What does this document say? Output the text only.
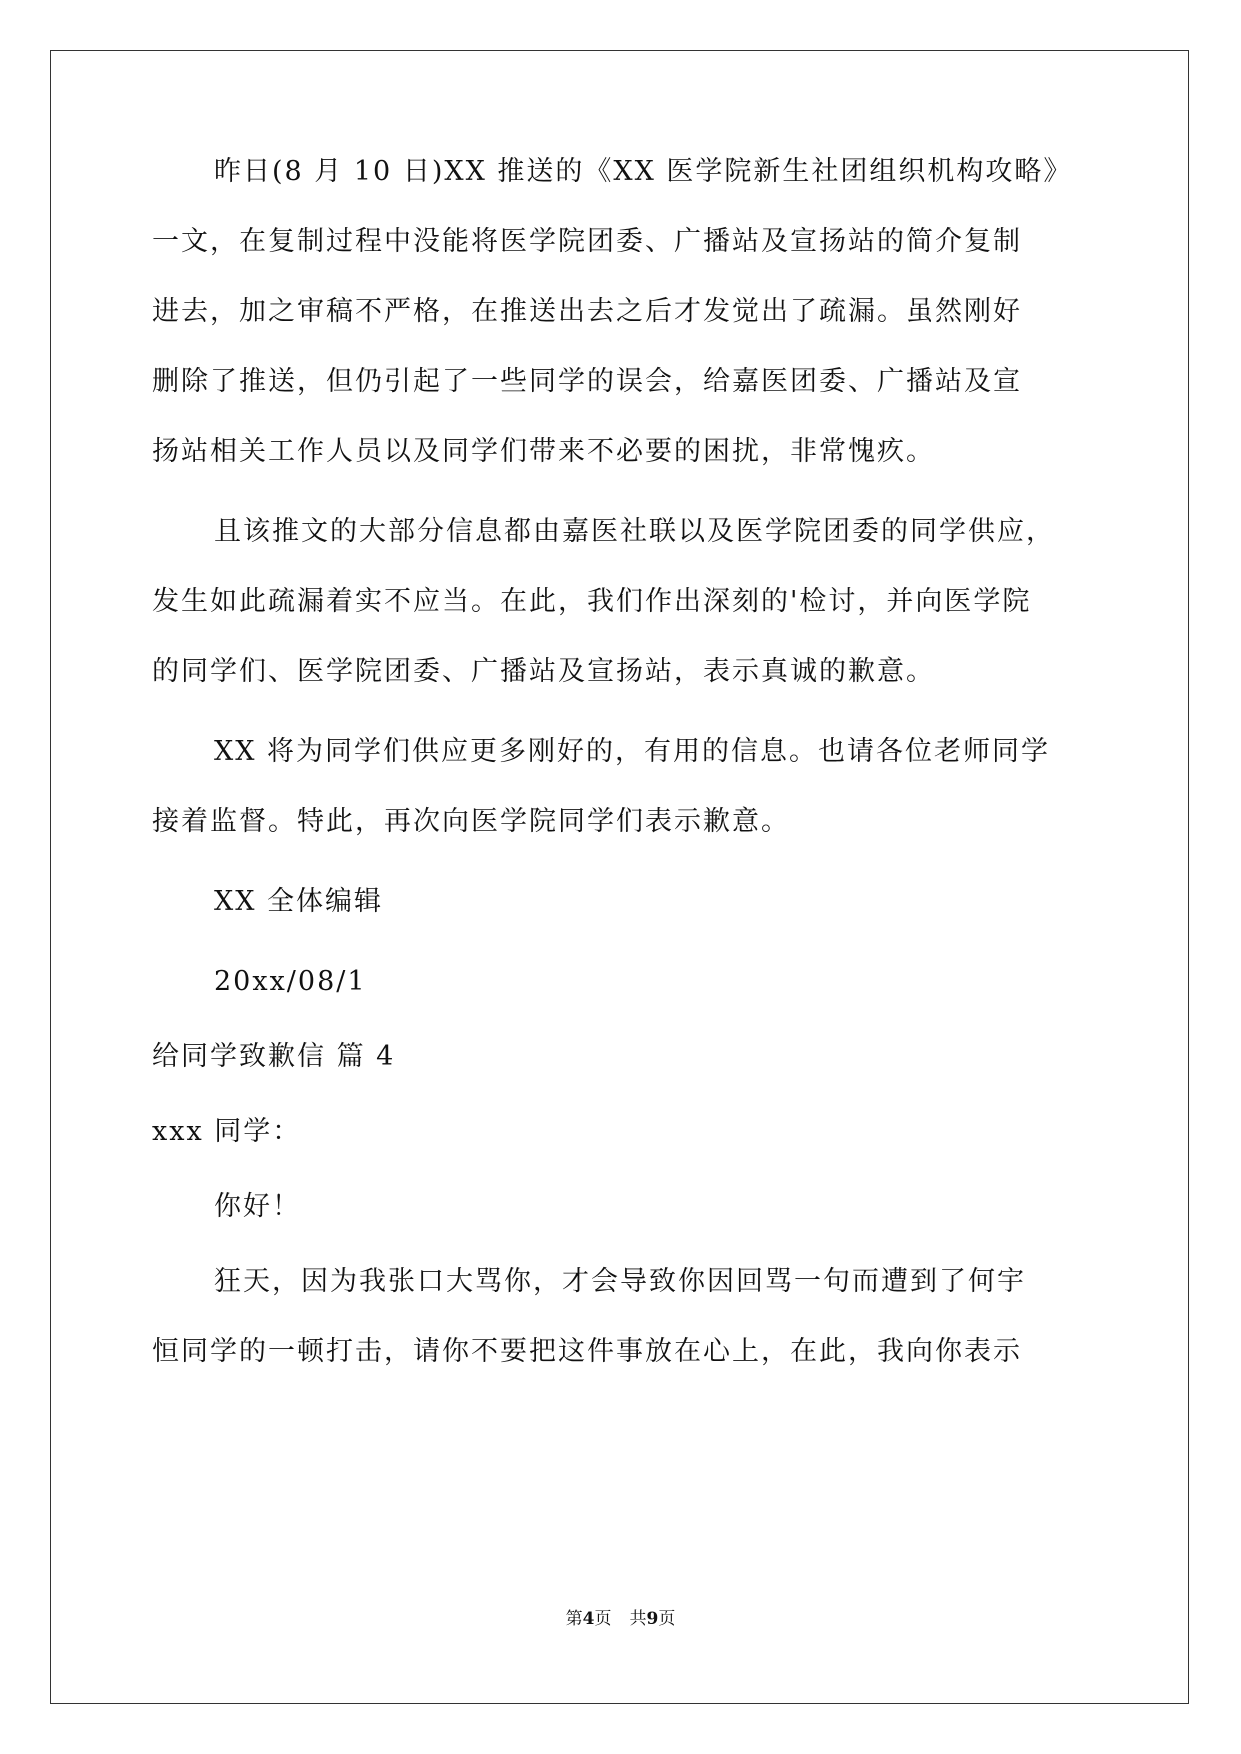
昨日(8 月 10 日)XX 推送的《XX 医学院新生社团组织机构攻略》
一文，在复制过程中没能将医学院团委、广播站及宣扬站的简介复制
进去，加之审稿不严格，在推送出去之后才发觉出了疏漏。虽然刚好
删除了推送，但仍引起了一些同学的误会，给嘉医团委、广播站及宣
扬站相关工作人员以及同学们带来不必要的困扰，非常愧疚。
且该推文的大部分信息都由嘉医社联以及医学院团委的同学供应，
发生如此疏漏着实不应当。在此，我们作出深刻的'检讨，并向医学院
的同学们、医学院团委、广播站及宣扬站，表示真诚的歉意。
XX 将为同学们供应更多刚好的，有用的信息。也请各位老师同学
接着监督。特此，再次向医学院同学们表示歉意。
XX 全体编辑
20xx/08/1
给同学致歉信 篇 4
xxx 同学：
你好！
狂天，因为我张口大骂你，才会导致你因回骂一句而遭到了何宇
恒同学的一顿打击，请你不要把这件事放在心上，在此，我向你表示
第4页 共9页
